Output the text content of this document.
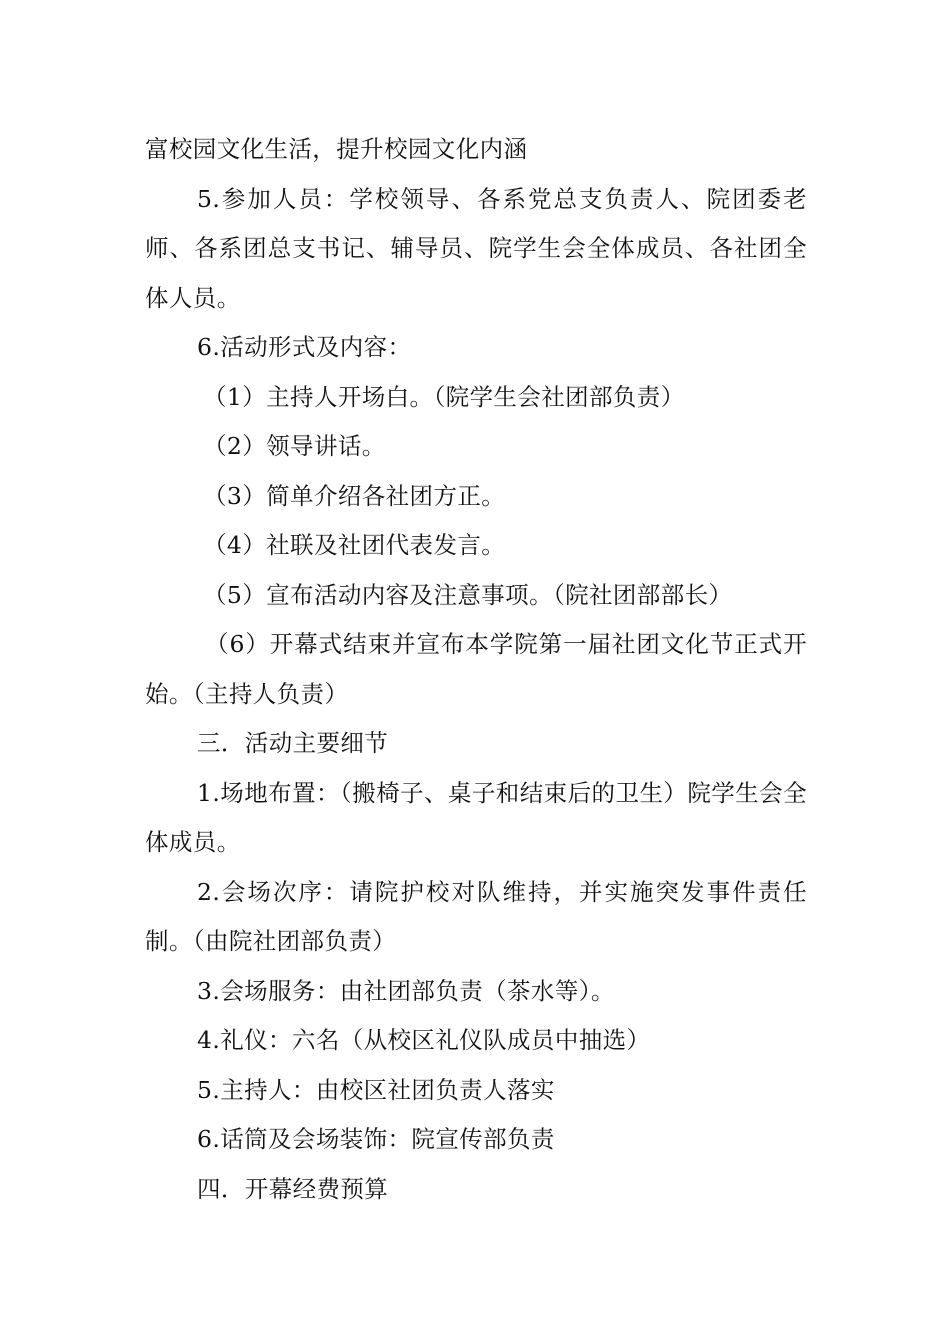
富校园文化生活，提升校园文化内涵

5.参加人员：学校领导、各系党总支负责人、院团委老师、各系团总支书记、辅导员、院学生会全体成员、各社团全体人员。

6.活动形式及内容：

（1）主持人开场白。（院学生会社团部负责）

（2）领导讲话。

（3）简单介绍各社团方正。

（4）社联及社团代表发言。

（5）宣布活动内容及注意事项。（院社团部部长）

（6）开幕式结束并宣布本学院第一届社团文化节正式开始。（主持人负责）

三．活动主要细节

1.场地布置：（搬椅子、桌子和结束后的卫生）院学生会全体成员。

2.会场次序：请院护校对队维持，并实施突发事件责任制。（由院社团部负责）

3.会场服务：由社团部负责（茶水等）。

4.礼仪：六名（从校区礼仪队成员中抽选）

5.主持人：由校区社团负责人落实

6.话筒及会场装饰：院宣传部负责

四．开幕经费预算
